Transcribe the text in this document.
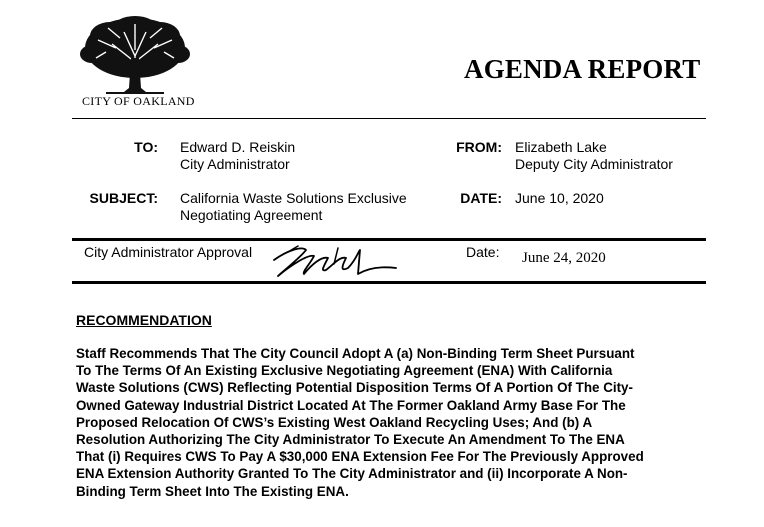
CITY OF OAKLAND
AGENDA REPORT
TO: Edward D. Reiskin
City Administrator
FROM: Elizabeth Lake
Deputy City Administrator
SUBJECT: California Waste Solutions Exclusive
Negotiating Agreement
DATE: June 10, 2020
City Administrator Approval	Date: June 24, 2020
RECOMMENDATION
Staff Recommends That The City Council Adopt A (a) Non-Binding Term Sheet Pursuant
To The Terms Of An Existing Exclusive Negotiating Agreement (ENA) With California
Waste Solutions (CWS) Reflecting Potential Disposition Terms Of A Portion Of The City-
Owned Gateway Industrial District Located At The Former Oakland Army Base For The
Proposed Relocation Of CWS’s Existing West Oakland Recycling Uses; And (b) A
Resolution Authorizing The City Administrator To Execute An Amendment To The ENA
That (i) Requires CWS To Pay A $30,000 ENA Extension Fee For The Previously Approved
ENA Extension Authority Granted To The City Administrator and (ii) Incorporate A Non-
Binding Term Sheet Into The Existing ENA.
